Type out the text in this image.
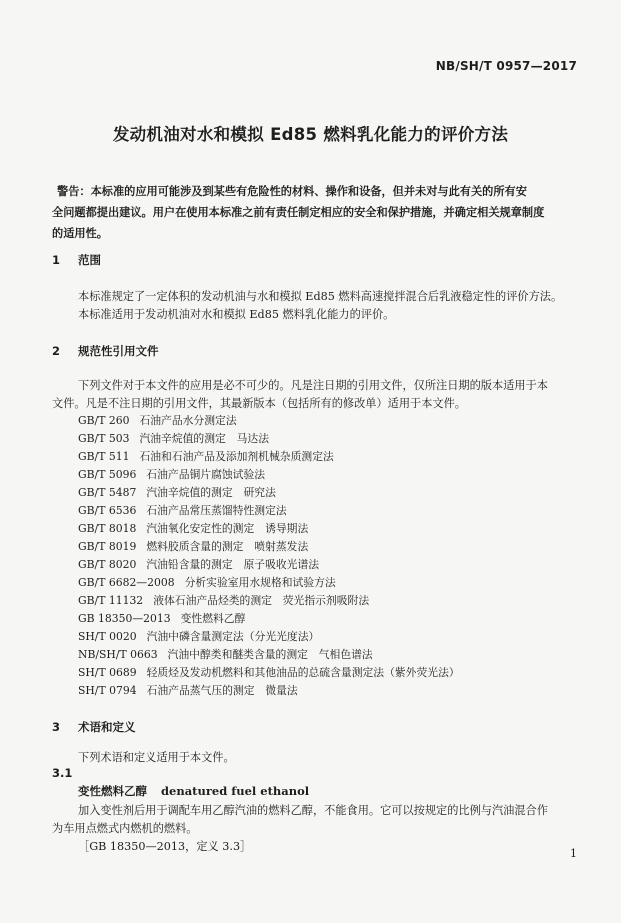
NB/SH/T 0957—2017
发动机油对水和模拟 Ed85 燃料乳化能力的评价方法
警告：本标准的应用可能涉及到某些有危险性的材料、操作和设备，但并未对与此有关的所有安
全问题都提出建议。用户在使用本标准之前有责任制定相应的安全和保护措施，并确定相关规章制度
的适用性。
1 范围
本标准规定了一定体积的发动机油与水和模拟 Ed85 燃料高速搅拌混合后乳液稳定性的评价方法。
本标准适用于发动机油对水和模拟 Ed85 燃料乳化能力的评价。
2 规范性引用文件
下列文件对于本文件的应用是必不可少的。凡是注日期的引用文件，仅所注日期的版本适用于本
文件。凡是不注日期的引用文件，其最新版本（包括所有的修改单）适用于本文件。
GB/T 260 石油产品水分测定法
GB/T 503 汽油辛烷值的测定　马达法
GB/T 511 石油和石油产品及添加剂机械杂质测定法
GB/T 5096 石油产品铜片腐蚀试验法
GB/T 5487 汽油辛烷值的测定　研究法
GB/T 6536 石油产品常压蒸馏特性测定法
GB/T 8018 汽油氧化安定性的测定　诱导期法
GB/T 8019 燃料胶质含量的测定　喷射蒸发法
GB/T 8020 汽油铅含量的测定　原子吸收光谱法
GB/T 6682—2008 分析实验室用水规格和试验方法
GB/T 11132 液体石油产品烃类的测定　荧光指示剂吸附法
GB 18350—2013 变性燃料乙醇
SH/T 0020 汽油中磷含量测定法（分光光度法）
NB/SH/T 0663 汽油中醇类和醚类含量的测定　气相色谱法
SH/T 0689 轻质烃及发动机燃料和其他油品的总硫含量测定法（紫外荧光法）
SH/T 0794 石油产品蒸气压的测定　微量法
3 术语和定义
下列术语和定义适用于本文件。
3.1
变性燃料乙醇 denatured fuel ethanol
加入变性剂后用于调配车用乙醇汽油的燃料乙醇，不能食用。它可以按规定的比例与汽油混合作
为车用点燃式内燃机的燃料。
［GB 18350—2013，定义 3.3］
1
